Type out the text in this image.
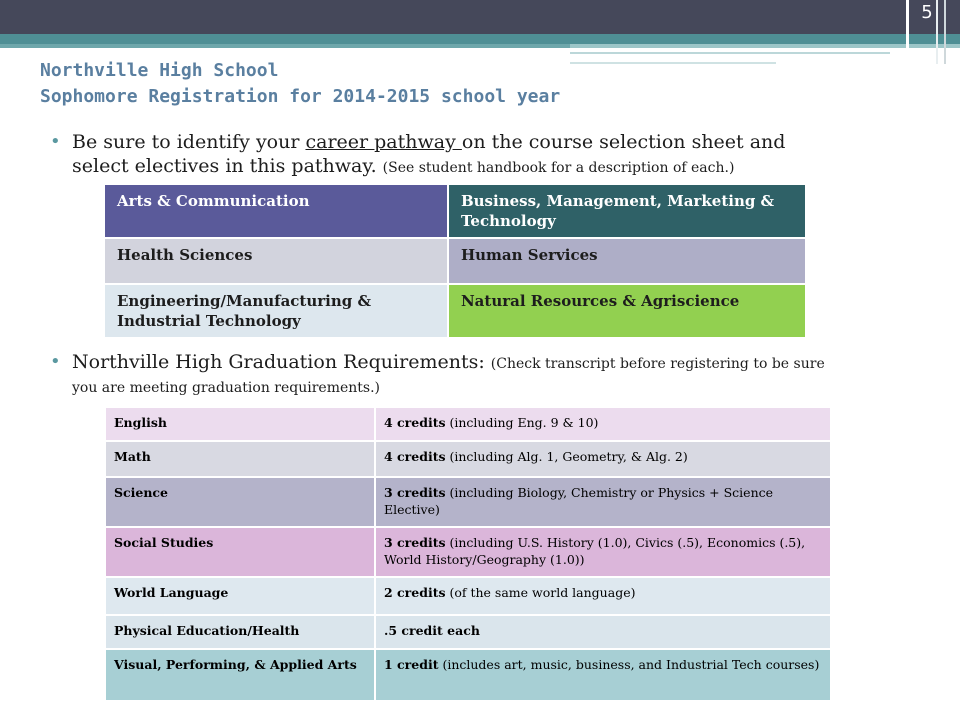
5
Northville High School
Sophomore Registration for 2014-2015 school year
• Be sure to identify your career pathway on the course selection sheet and
select electives in this pathway. (See student handbook for a description of each.)
Arts & Communication	Business, Management, Marketing & Technology
Health Sciences	Human Services
Engineering/Manufacturing & Industrial Technology	Natural Resources & Agriscience
• Northville High Graduation Requirements: (Check transcript before registering to be sure
you are meeting graduation requirements.)
English	4 credits (including Eng. 9 & 10)
Math	4 credits (including Alg. 1, Geometry, & Alg. 2)
Science	3 credits (including Biology, Chemistry or Physics + Science Elective)
Social Studies	3 credits (including U.S. History (1.0), Civics (.5), Economics (.5), World History/Geography (1.0))
World Language	2 credits (of the same world language)
Physical Education/Health	.5 credit each
Visual, Performing, & Applied Arts	1 credit (includes art, music, business, and Industrial Tech courses)
